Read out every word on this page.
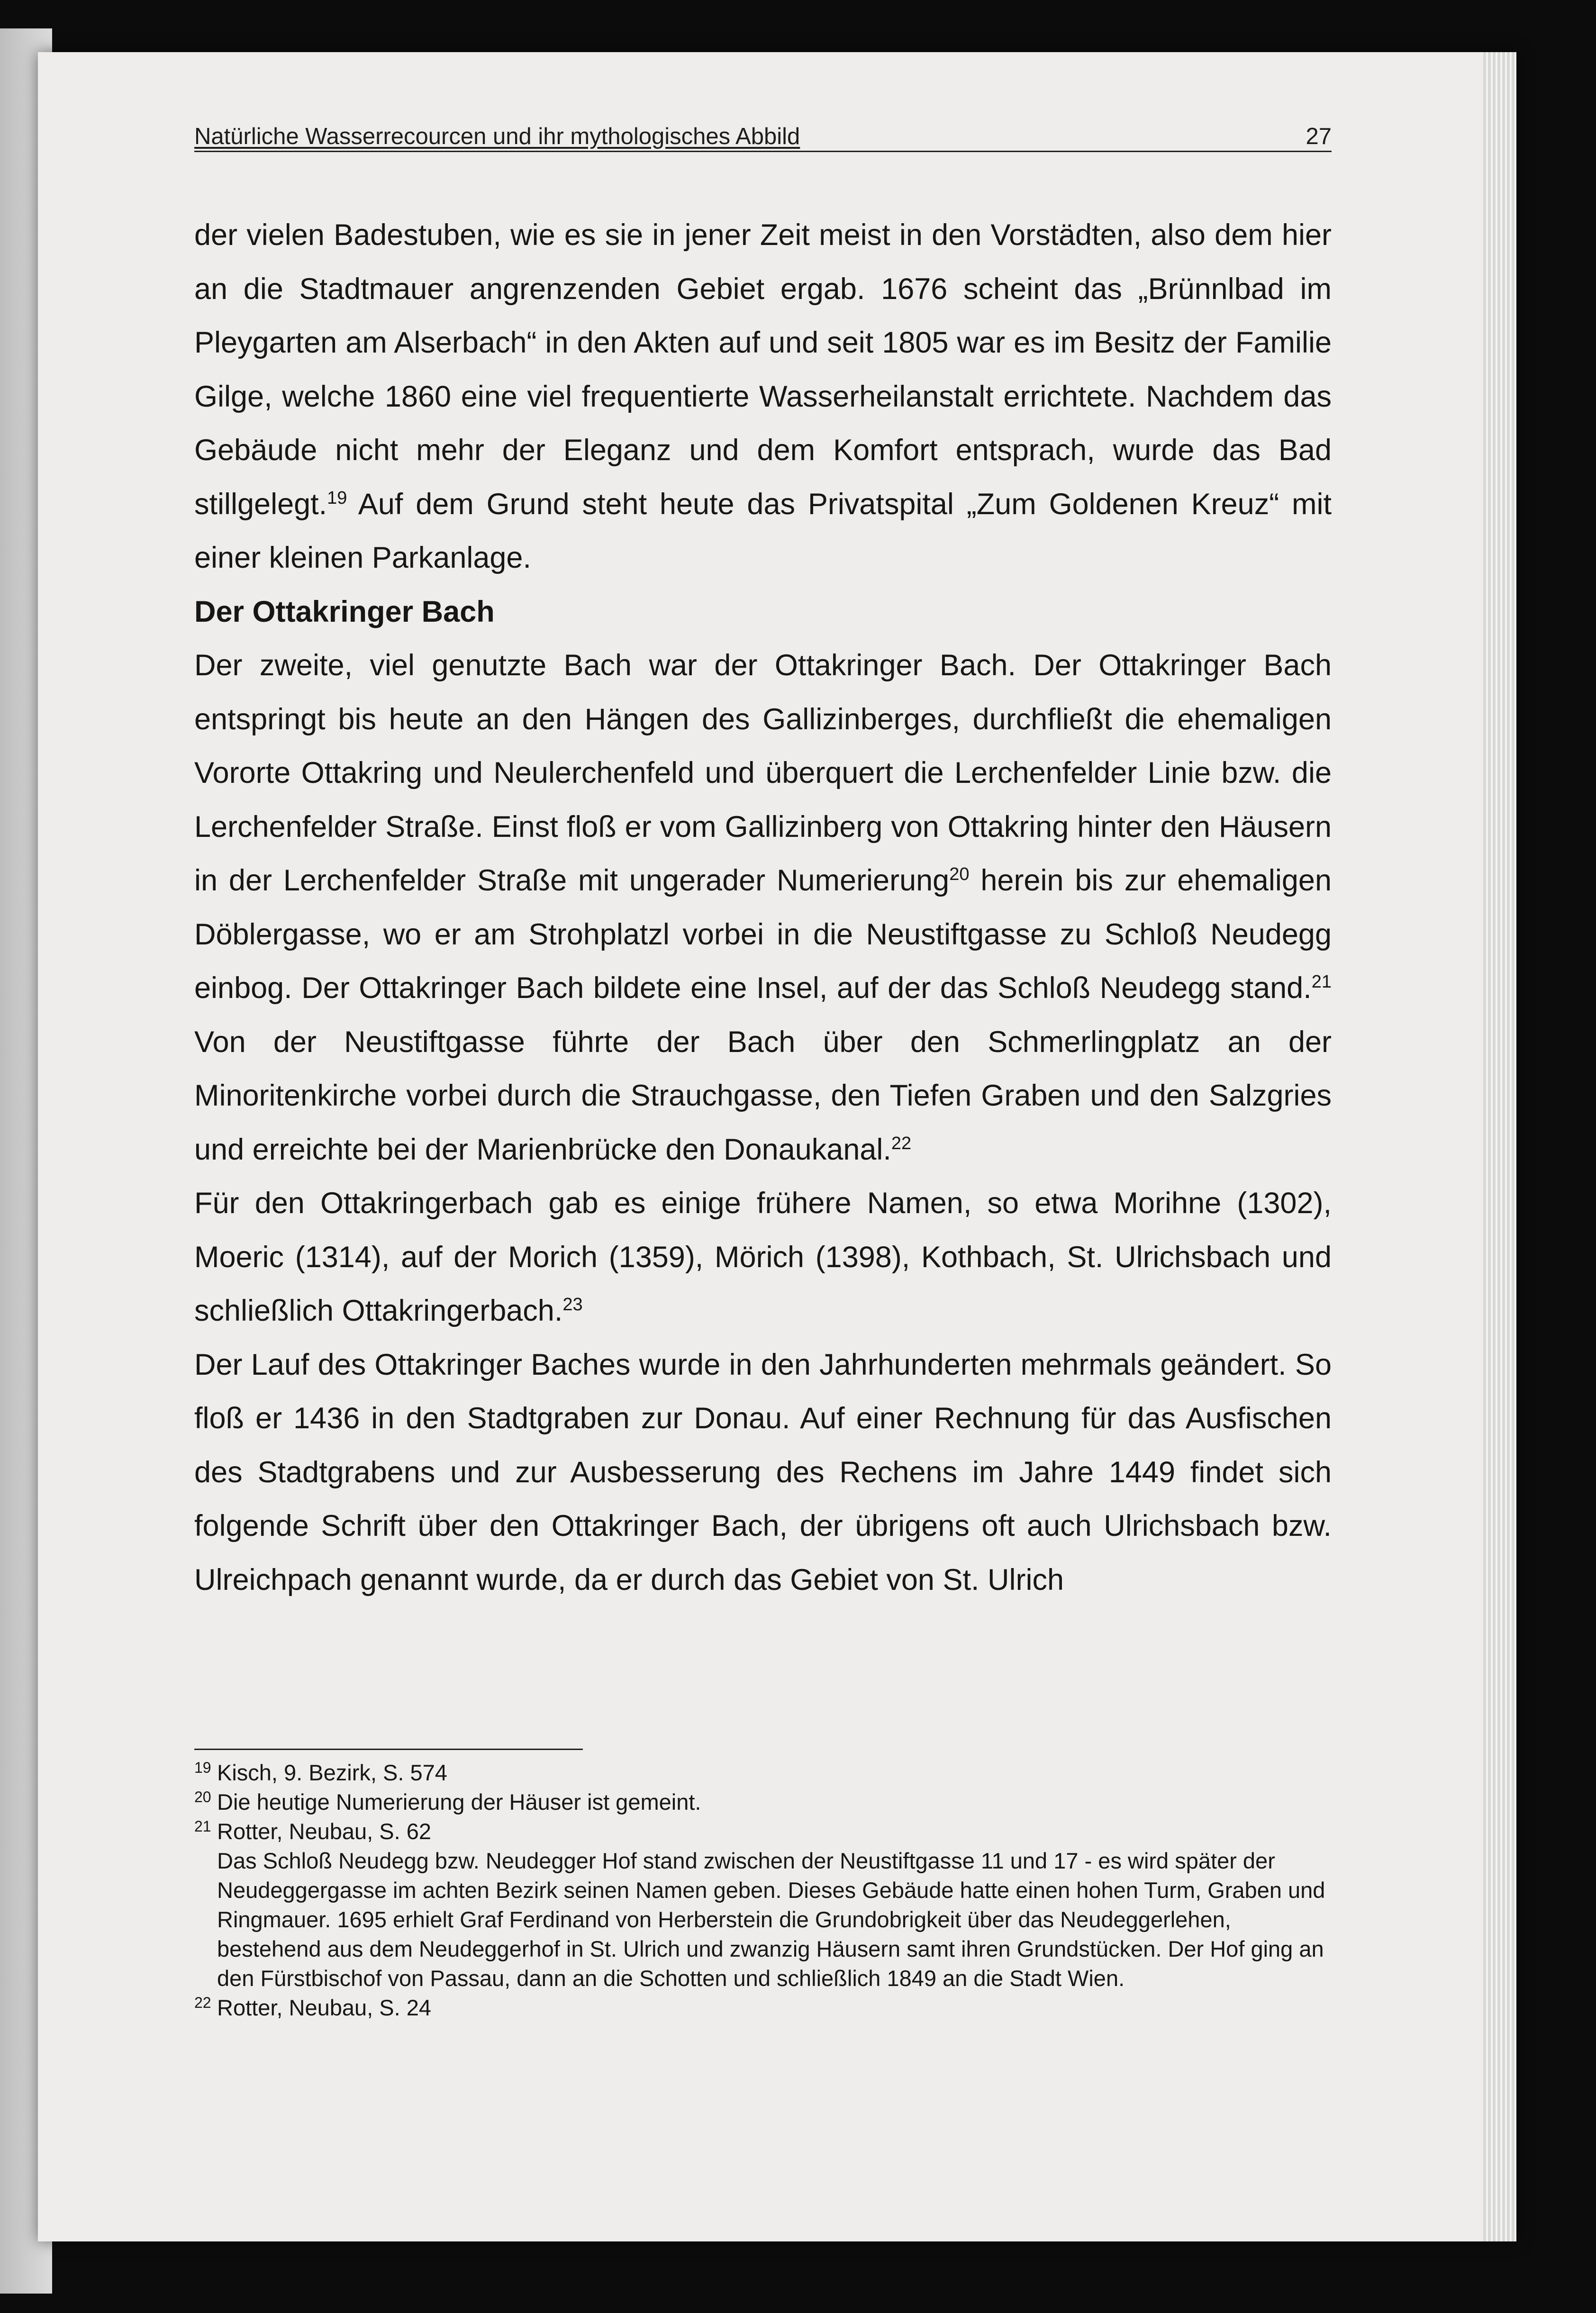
Natürliche Wasserrecourcen und ihr mythologisches Abbild	27

der vielen Badestuben, wie es sie in jener Zeit meist in den Vorstädten, also dem hier an die Stadtmauer angrenzenden Gebiet ergab. 1676 scheint das „Brünnlbad im Pleygarten am Alserbach“ in den Akten auf und seit 1805 war es im Besitz der Familie Gilge, welche 1860 eine viel frequentierte Wasserheilanstalt errichtete. Nachdem das Gebäude nicht mehr der Eleganz und dem Komfort entsprach, wurde das Bad stillgelegt.$^{19}$ Auf dem Grund steht heute das Privatspital „Zum Goldenen Kreuz“ mit einer kleinen Parkanlage.

Der Ottakringer Bach

Der zweite, viel genutzte Bach war der Ottakringer Bach. Der Ottakringer Bach entspringt bis heute an den Hängen des Gallizinberges, durchfließt die ehemaligen Vororte Ottakring und Neulerchenfeld und überquert die Lerchenfelder Linie bzw. die Lerchenfelder Straße. Einst floß er vom Gallizinberg von Ottakring hinter den Häusern in der Lerchenfelder Straße mit ungerader Numerierung$^{20}$ herein bis zur ehemaligen Döblergasse, wo er am Strohplatzl vorbei in die Neustiftgasse zu Schloß Neudegg einbog. Der Ottakringer Bach bildete eine Insel, auf der das Schloß Neudegg stand.$^{21}$ Von der Neustiftgasse führte der Bach über den Schmerlingplatz an der Minoritenkirche vorbei durch die Strauchgasse, den Tiefen Graben und den Salzgries und erreichte bei der Marienbrücke den Donaukanal.$^{22}$

Für den Ottakringerbach gab es einige frühere Namen, so etwa Morihne (1302), Moeric (1314), auf der Morich (1359), Mörich (1398), Kothbach, St. Ulrichsbach und schließlich Ottakringerbach.$^{23}$

Der Lauf des Ottakringer Baches wurde in den Jahrhunderten mehrmals geändert. So floß er 1436 in den Stadtgraben zur Donau. Auf einer Rechnung für das Ausfischen des Stadtgrabens und zur Ausbesserung des Rechens im Jahre 1449 findet sich folgende Schrift über den Ottakringer Bach, der übrigens oft auch Ulrichsbach bzw. Ulreichpach genannt wurde, da er durch das Gebiet von St. Ulrich

19 Kisch, 9. Bezirk, S. 574
20 Die heutige Numerierung der Häuser ist gemeint.
21 Rotter, Neubau, S. 62
Das Schloß Neudegg bzw. Neudegger Hof stand zwischen der Neustiftgasse 11 und 17 - es wird später der Neudeggergasse im achten Bezirk seinen Namen geben. Dieses Gebäude hatte einen hohen Turm, Graben und Ringmauer. 1695 erhielt Graf Ferdinand von Herberstein die Grundobrigkeit über das Neudeggerlehen, bestehend aus dem Neudeggerhof in St. Ulrich und zwanzig Häusern samt ihren Grundstücken. Der Hof ging an den Fürstbischof von Passau, dann an die Schotten und schließlich 1849 an die Stadt Wien.
22 Rotter, Neubau, S. 24
